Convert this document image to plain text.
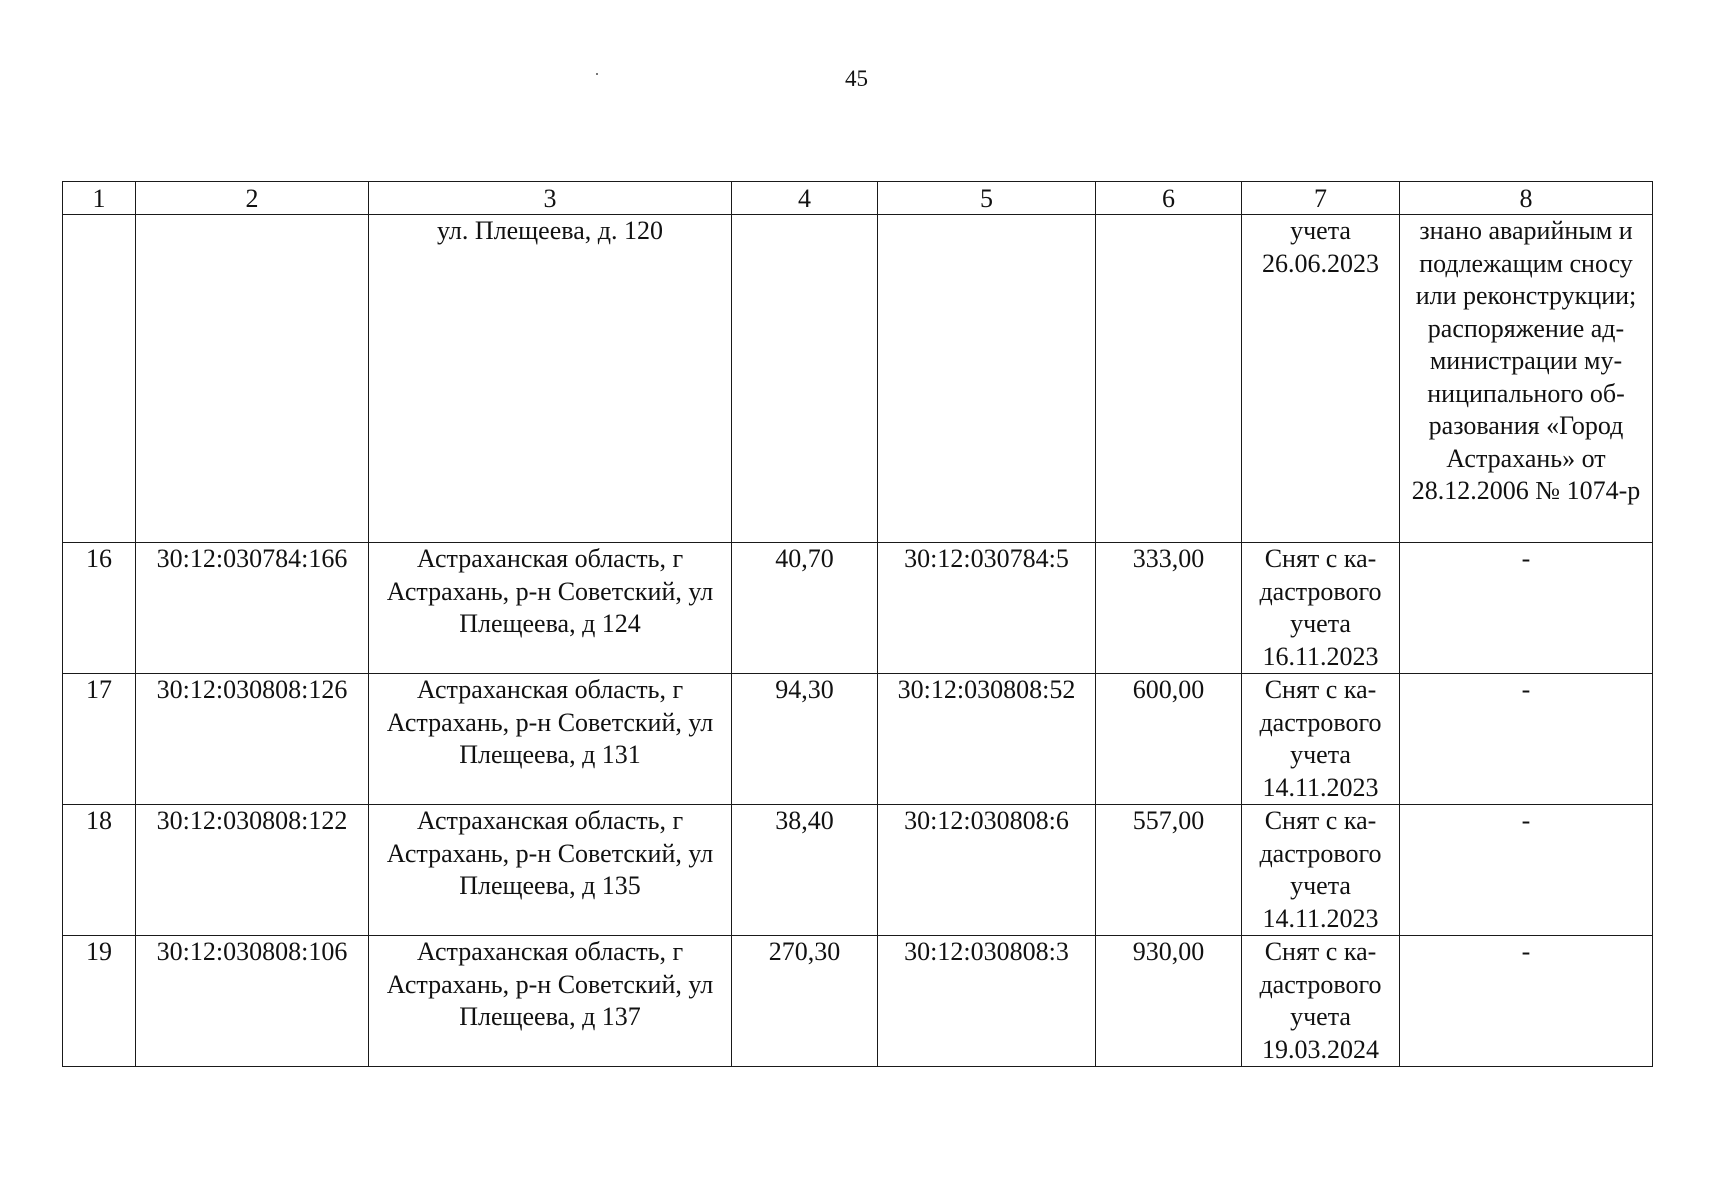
45
1	2	3	4	5	6	7	8
		ул. Плещеева, д. 120				учета 26.06.2023	знано аварийным и подлежащим сносу или реконструкции; распоряжение ад-министрации му-ниципального об-разования «Город Астрахань» от 28.12.2006 № 1074-р

16	30:12:030784:166	Астраханская область, г Астрахань, р-н Советский, ул Плещеева, д 124	40,70	30:12:030784:5	333,00	Снят с ка-дастрового учета 16.11.2023	-
17	30:12:030808:126	Астраханская область, г Астрахань, р-н Советский, ул Плещеева, д 131	94,30	30:12:030808:52	600,00	Снят с ка-дастрового учета 14.11.2023	-
18	30:12:030808:122	Астраханская область, г Астрахань, р-н Советский, ул Плещеева, д 135	38,40	30:12:030808:6	557,00	Снят с ка-дастрового учета 14.11.2023	-
19	30:12:030808:106	Астраханская область, г Астрахань, р-н Советский, ул Плещеева, д 137	270,30	30:12:030808:3	930,00	Снят с ка-дастрового учета 19.03.2024	-
